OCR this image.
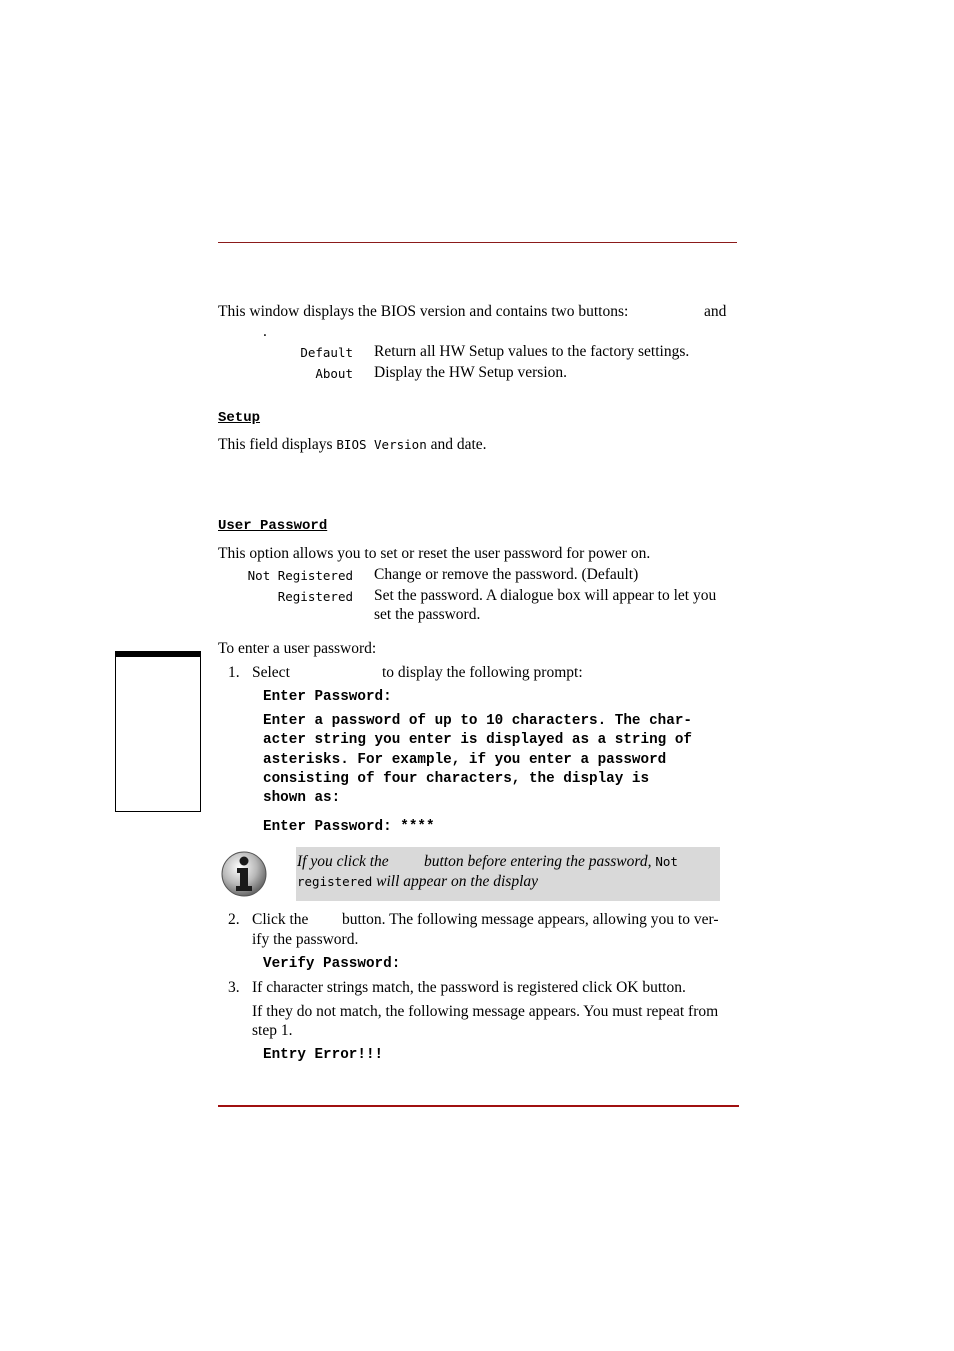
This window displays the BIOS version and contains two buttons:	and
.
Default Return all HW Setup values to the factory settings.
About Display the HW Setup version.
Setup
This field displays BIOS Version and date.
User Password
This option allows you to set or reset the user password for power on.
Not Registered Change or remove the password. (Default)
Registered Set the password. A dialogue box will appear to let you
set the password.
To enter a user password:
1. Select	to display the following prompt:
Enter Password:
Enter a password of up to 10 characters. The char-
acter string you enter is displayed as a string of
asterisks. For example, if you enter a password
consisting of four characters, the display is
shown as:
Enter Password: ****
If you click the button before entering the password, Not
registered will appear on the display
2. Click the button. The following message appears, allowing you to ver-
ify the password.
Verify Password:
3. If character strings match, the password is registered click OK button.
If they do not match, the following message appears. You must repeat from
step 1.
Entry Error!!!
